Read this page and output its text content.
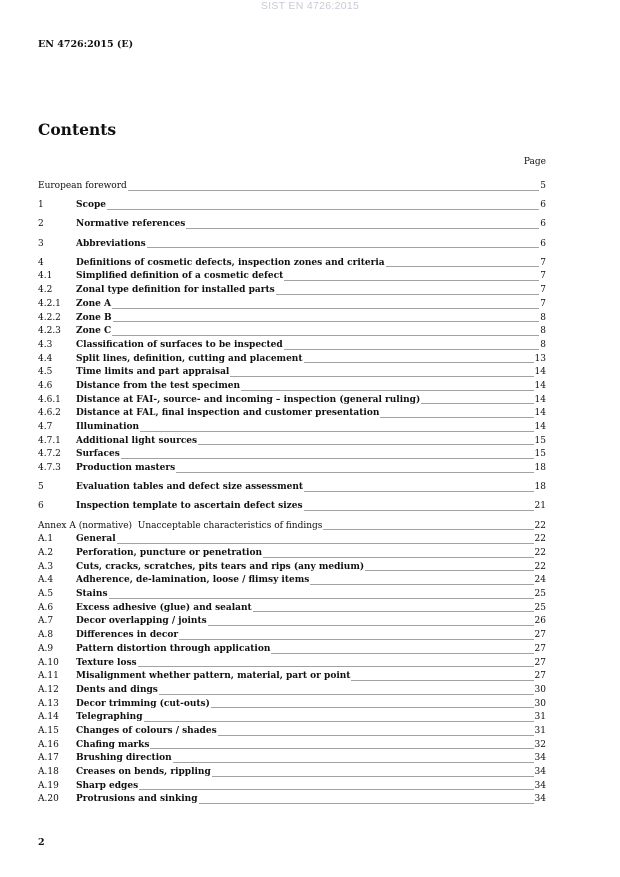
SIST EN 4726:2015
EN 4726:2015 (E)
Contents
Page
European foreword	5
1	Scope	6
2	Normative references	6
3	Abbreviations	6
4	Definitions of cosmetic defects, inspection zones and criteria	7
4.1	Simplified definition of a cosmetic defect	7
4.2	Zonal type definition for installed parts	7
4.2.1	Zone A	7
4.2.2	Zone B	8
4.2.3	Zone C	8
4.3	Classification of surfaces to be inspected	8
4.4	Split lines, definition, cutting and placement	13
4.5	Time limits and part appraisal	14
4.6	Distance from the test specimen	14
4.6.1	Distance at FAI-, source- and incoming – inspection (general ruling)	14
4.6.2	Distance at FAL, final inspection and customer presentation	14
4.7	Illumination	14
4.7.1	Additional light sources	15
4.7.2	Surfaces	15
4.7.3	Production masters	18
5	Evaluation tables and defect size assessment	18
6	Inspection template to ascertain defect sizes	21
Annex A (normative)  Unacceptable characteristics of findings	22
A.1	General	22
A.2	Perforation, puncture or penetration	22
A.3	Cuts, cracks, scratches, pits tears and rips (any medium)	22
A.4	Adherence, de-lamination, loose / flimsy items	24
A.5	Stains	25
A.6	Excess adhesive (glue) and sealant	25
A.7	Decor overlapping / joints	26
A.8	Differences in decor	27
A.9	Pattern distortion through application	27
A.10	Texture loss	27
A.11	Misalignment whether pattern, material, part or point	27
A.12	Dents and dings	30
A.13	Decor trimming (cut-outs)	30
A.14	Telegraphing	31
A.15	Changes of colours / shades	31
A.16	Chafing marks	32
A.17	Brushing direction	34
A.18	Creases on bends, rippling	34
A.19	Sharp edges	34
A.20	Protrusions and sinking	34
2
